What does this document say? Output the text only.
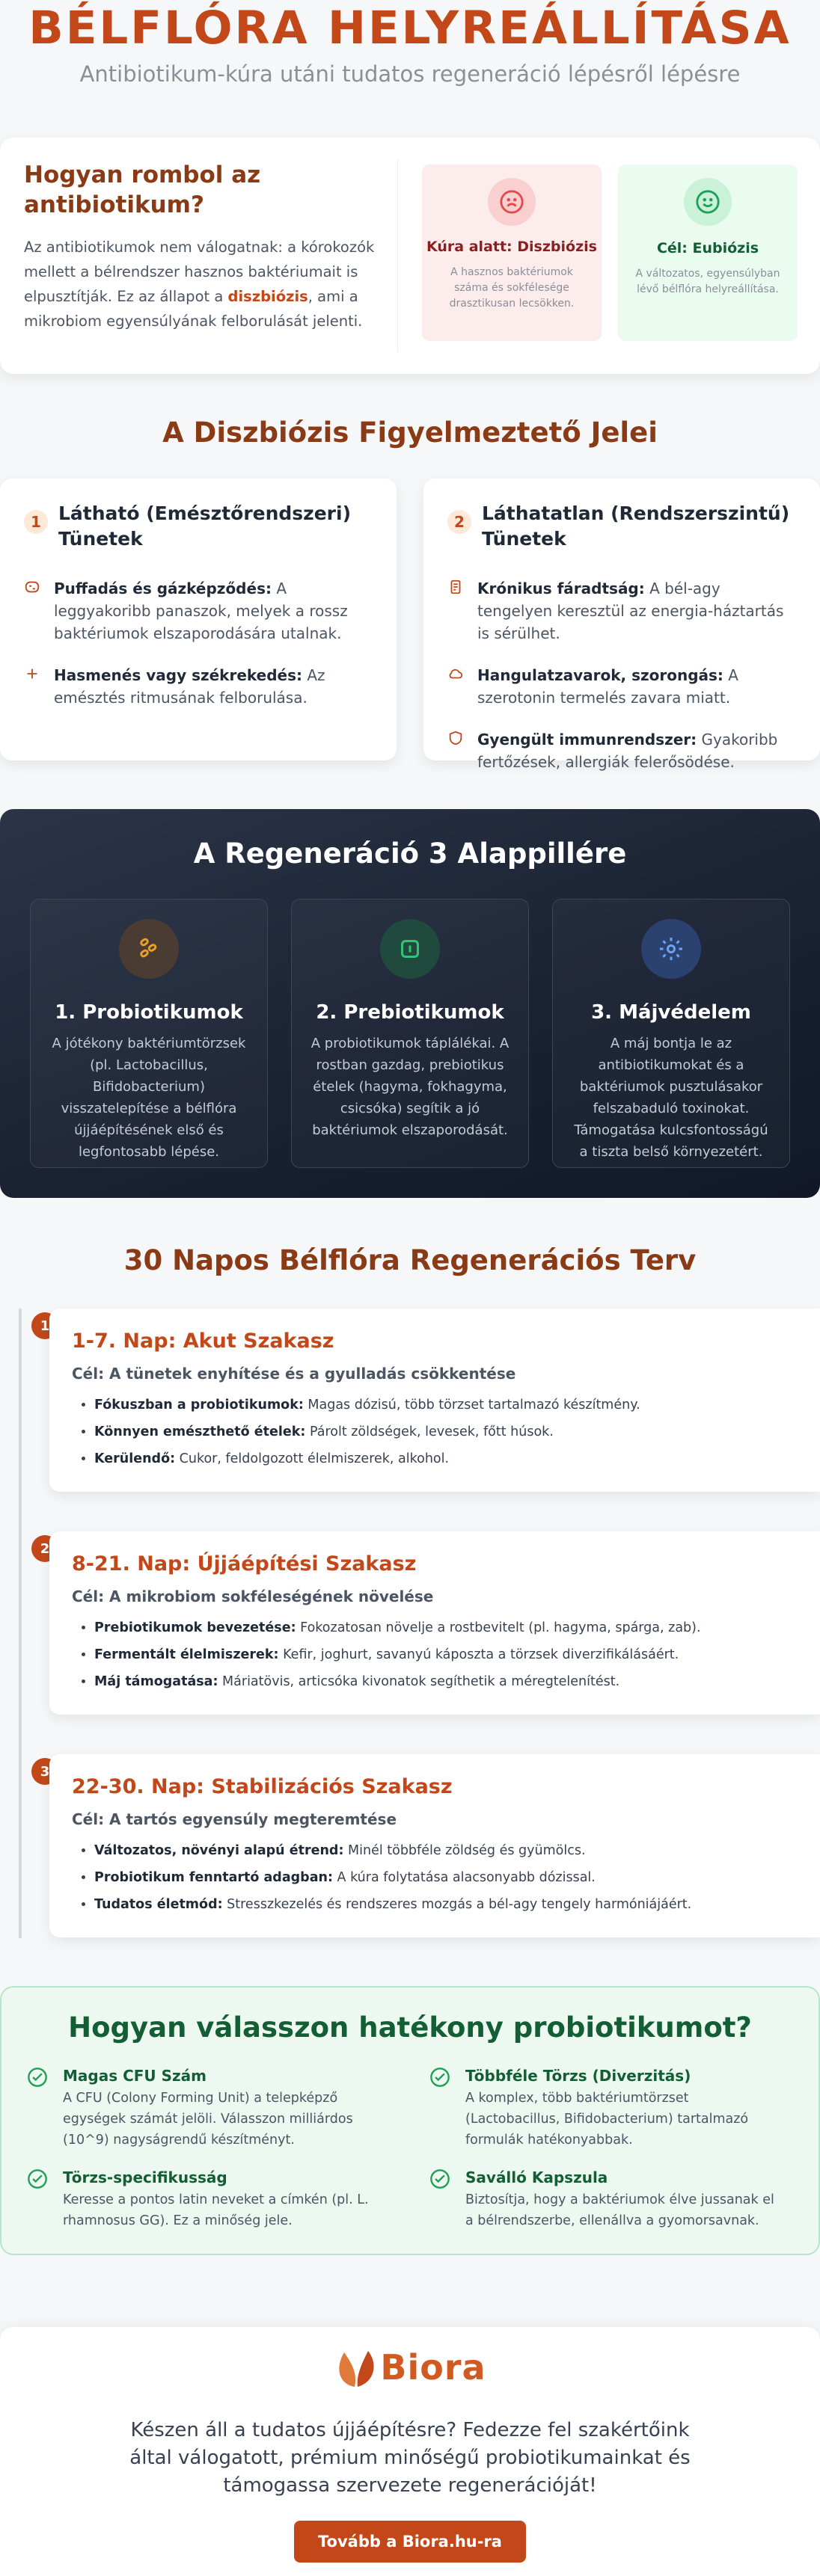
BÉLFLÓRA HELYREÁLLÍTÁSA

Antibiotikum-kúra utáni tudatos regeneráció lépésről lépésre

Hogyan rombol az antibiotikum?

Az antibiotikumok nem válogatnak: a kórokozók mellett a bélrendszer hasznos baktériumait is elpusztítják. Ez az állapot a diszbiózis, ami a mikrobiom egyensúlyának felborulását jelenti.

Kúra alatt: Diszbiózis

A hasznos baktériumok száma és sokfélesége drasztikusan lecsökken.

Cél: Eubiózis

A változatos, egyensúlyban lévő bélflóra helyreállítása.

A Diszbiózis Figyelmeztető Jelei
1 Látható (Emésztőrendszeri) Tünetek

Puffadás és gázképződés: A leggyakoribb panaszok, melyek a rossz baktériumok elszaporodására utalnak.

Hasmenés vagy székrekedés: Az emésztés ritmusának felborulása.

2 Láthatatlan (Rendszerszintű) Tünetek

Krónikus fáradtság: A bél-agy tengelyen keresztül az energia-háztartás is sérülhet.

Hangulatzavarok, szorongás: A szerotonin termelés zavara miatt.

Gyengült immunrendszer: Gyakoribb fertőzések, allergiák felerősödése.

A Regeneráció 3 Alappillére
1. Probiotikumok

A jótékony baktériumtörzsek (pl. Lactobacillus, Bifidobacterium) visszatelepítése a bélflóra újjáépítésének első és legfontosabb lépése.

2. Prebiotikumok

A probiotikumok táplálékai. A rostban gazdag, prebiotikus ételek (hagyma, fokhagyma, csicsóka) segítik a jó baktériumok elszaporodását.

3. Májvédelem

A máj bontja le az antibiotikumokat és a baktériumok pusztulásakor felszabaduló toxinokat. Támogatása kulcsfontosságú a tiszta belső környezetért.

30 Napos Bélflóra Regenerációs Terv
1
1-7. Nap: Akut Szakasz
Cél: A tünetek enyhítése és a gyulladás csökkentése
• Fókuszban a probiotikumok: Magas dózisú, több törzset tartalmazó készítmény.
• Könnyen emészthető ételek: Párolt zöldségek, levesek, főtt húsok.
• Kerülendő: Cukor, feldolgozott élelmiszerek, alkohol.
2
8-21. Nap: Újjáépítési Szakasz
Cél: A mikrobiom sokféleségének növelése
• Prebiotikumok bevezetése: Fokozatosan növelje a rostbevitelt (pl. hagyma, spárga, zab).
• Fermentált élelmiszerek: Kefir, joghurt, savanyú káposzta a törzsek diverzifikálásáért.
• Máj támogatása: Máriatövis, articsóka kivonatok segíthetik a méregtelenítést.
3
22-30. Nap: Stabilizációs Szakasz
Cél: A tartós egyensúly megteremtése
• Változatos, növényi alapú étrend: Minél többféle zöldség és gyümölcs.
• Probiotikum fenntartó adagban: A kúra folytatása alacsonyabb dózissal.
• Tudatos életmód: Stresszkezelés és rendszeres mozgás a bél-agy tengely harmóniájáért.
Hogyan válasszon hatékony probiotikumot?
Magas CFU Szám

A CFU (Colony Forming Unit) a telepképző egységek számát jelöli. Válasszon milliárdos (10^9) nagyságrendű készítményt.

Többféle Törzs (Diverzitás)

A komplex, több baktériumtörzset (Lactobacillus, Bifidobacterium) tartalmazó formulák hatékonyabbak.

Törzs-specifikusság

Keresse a pontos latin neveket a címkén (pl. L. rhamnosus GG). Ez a minőség jele.

Saválló Kapszula

Biztosítja, hogy a baktériumok élve jussanak el a bélrendszerbe, ellenállva a gyomorsavnak.

Biora

Készen áll a tudatos újjáépítésre? Fedezze fel szakértőink által válogatott, prémium minőségű probiotikumainkat és támogassa szervezete regenerációját!

Tovább a Biora.hu-ra
